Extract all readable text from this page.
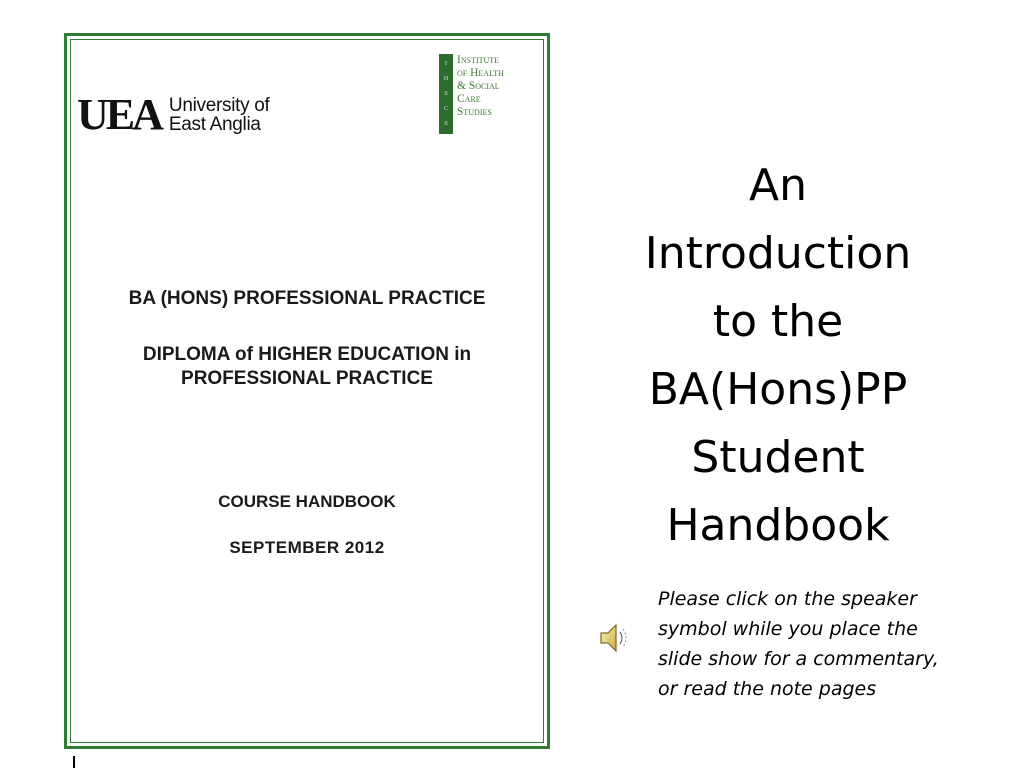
UEA University of
East Anglia
I
H
S
C
S
Institute
of Health
& Social
Care
Studies
BA (HONS) PROFESSIONAL PRACTICE
DIPLOMA of HIGHER EDUCATION in
PROFESSIONAL PRACTICE
COURSE HANDBOOK
SEPTEMBER 2012
An
Introduction
to the
BA(Hons)PP
Student
Handbook
Please click on the speaker
symbol while you place the
slide show for a commentary,
or read the note pages
